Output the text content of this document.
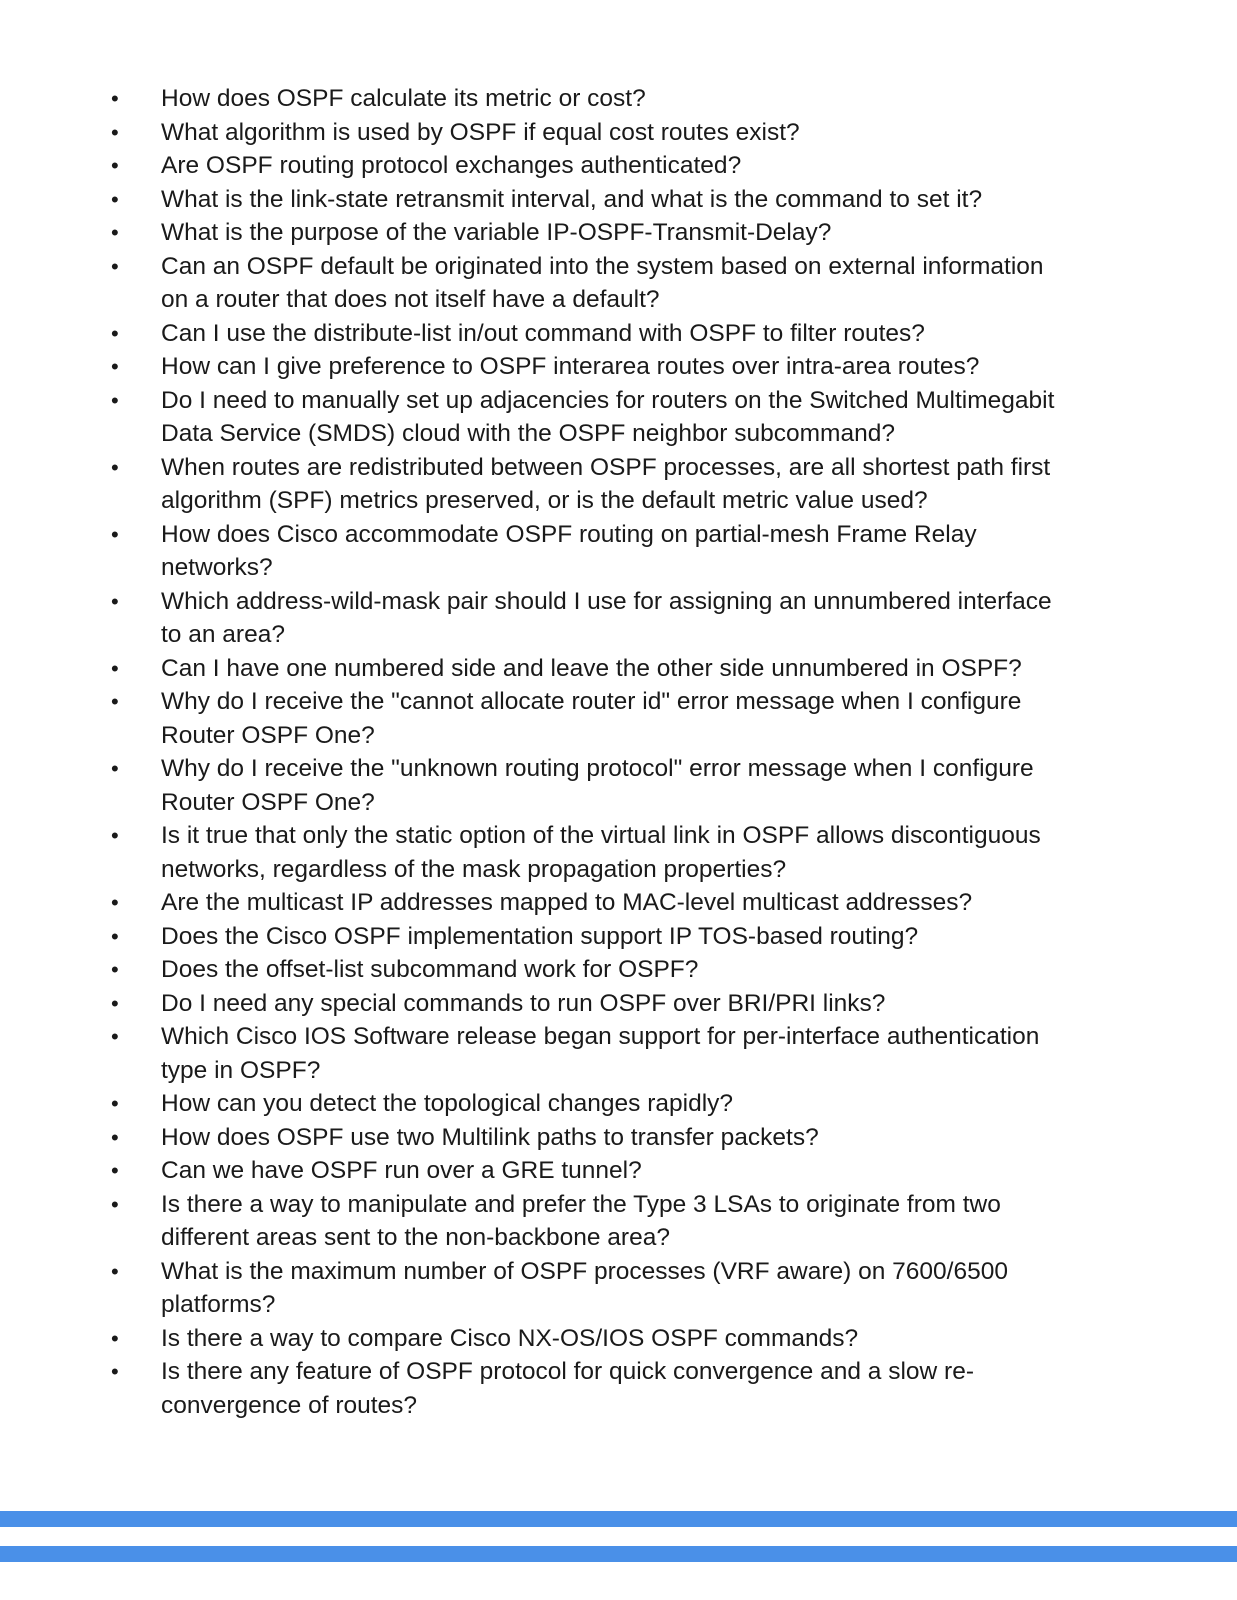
• How does OSPF calculate its metric or cost?
• What algorithm is used by OSPF if equal cost routes exist?
• Are OSPF routing protocol exchanges authenticated?
• What is the link-state retransmit interval, and what is the command to set it?
• What is the purpose of the variable IP-OSPF-Transmit-Delay?
• Can an OSPF default be originated into the system based on external information on a router that does not itself have a default?
• Can I use the distribute-list in/out command with OSPF to filter routes?
• How can I give preference to OSPF interarea routes over intra-area routes?
• Do I need to manually set up adjacencies for routers on the Switched Multimegabit Data Service (SMDS) cloud with the OSPF neighbor subcommand?
• When routes are redistributed between OSPF processes, are all shortest path first algorithm (SPF) metrics preserved, or is the default metric value used?
• How does Cisco accommodate OSPF routing on partial-mesh Frame Relay networks?
• Which address-wild-mask pair should I use for assigning an unnumbered interface to an area?
• Can I have one numbered side and leave the other side unnumbered in OSPF?
• Why do I receive the "cannot allocate router id" error message when I configure Router OSPF One?
• Why do I receive the "unknown routing protocol" error message when I configure Router OSPF One?
• Is it true that only the static option of the virtual link in OSPF allows discontiguous networks, regardless of the mask propagation properties?
• Are the multicast IP addresses mapped to MAC-level multicast addresses?
• Does the Cisco OSPF implementation support IP TOS-based routing?
• Does the offset-list subcommand work for OSPF?
• Do I need any special commands to run OSPF over BRI/PRI links?
• Which Cisco IOS Software release began support for per-interface authentication type in OSPF?
• How can you detect the topological changes rapidly?
• How does OSPF use two Multilink paths to transfer packets?
• Can we have OSPF run over a GRE tunnel?
• Is there a way to manipulate and prefer the Type 3 LSAs to originate from two different areas sent to the non-backbone area?
• What is the maximum number of OSPF processes (VRF aware) on 7600/6500 platforms?
• Is there a way to compare Cisco NX-OS/IOS OSPF commands?
• Is there any feature of OSPF protocol for quick convergence and a slow re-convergence of routes?
